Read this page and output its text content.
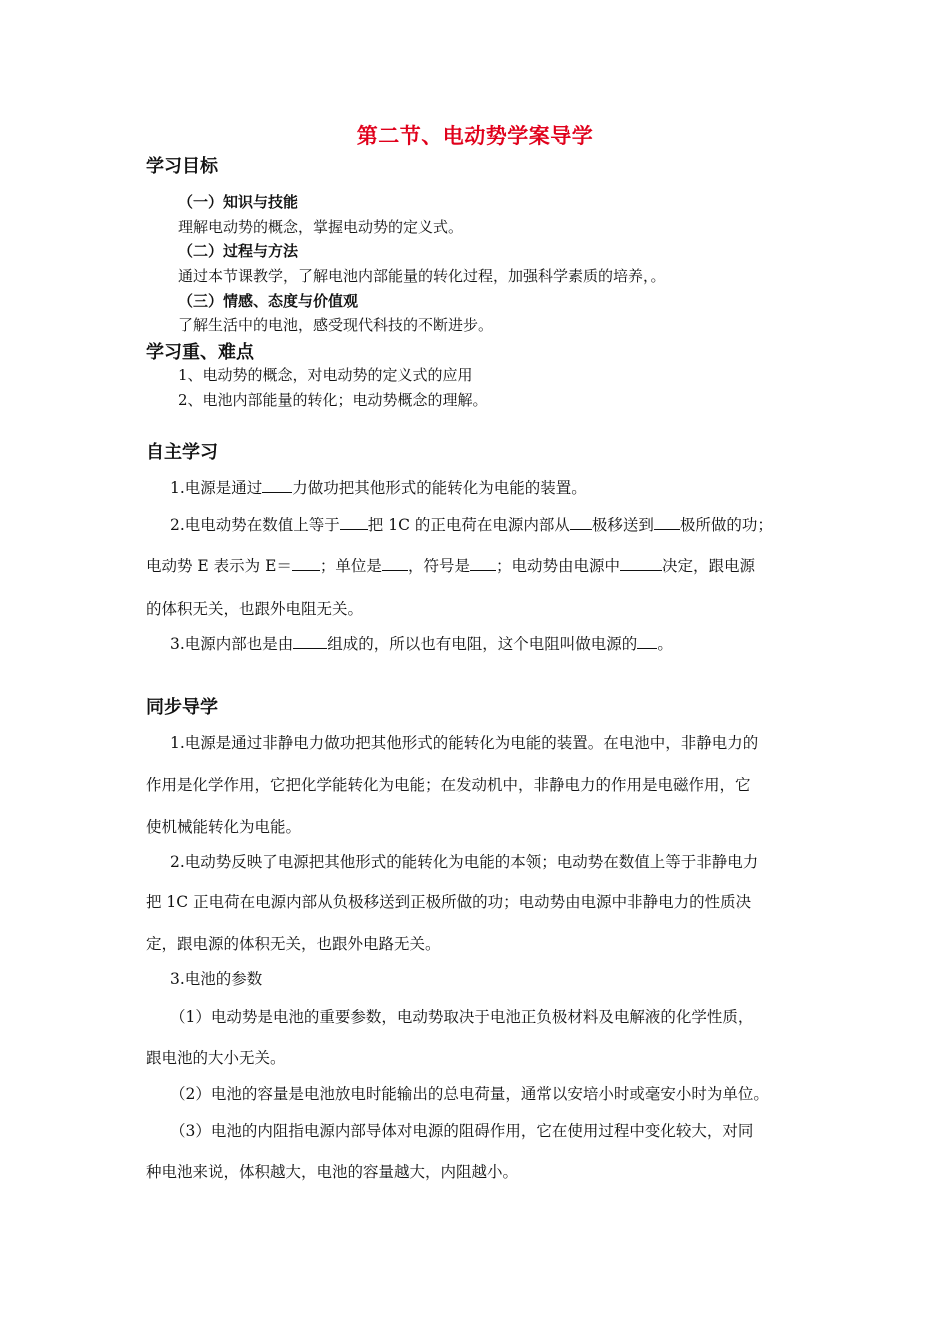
第二节、电动势学案导学
学习目标
（一）知识与技能
理解电动势的概念，掌握电动势的定义式。
（二）过程与方法
通过本节课教学，了解电池内部能量的转化过程，加强科学素质的培养，。
（三）情感、态度与价值观
了解生活中的电池，感受现代科技的不断进步。
学习重、难点
1、电动势的概念，对电动势的定义式的应用
2、电池内部能量的转化；电动势概念的理解。
自主学习
1.电源是通过 力做功把其他形式的能转化为电能的装置。
2.电电动势在数值上等于 把 1C 的正电荷在电源内部从 极移送到 极所做的功；
电动势 E 表示为 E＝ ；单位是 ，符号是 ；电动势由电源中	决定，跟电源
的体积无关，也跟外电阻无关。
3.电源内部也是由 组成的，所以也有电阻，这个电阻叫做电源的 。
同步导学
1.电源是通过非静电力做功把其他形式的能转化为电能的装置。在电池中，非静电力的
作用是化学作用，它把化学能转化为电能；在发动机中，非静电力的作用是电磁作用，它
使机械能转化为电能。
2.电动势反映了电源把其他形式的能转化为电能的本领；电动势在数值上等于非静电力
把 1C 正电荷在电源内部从负极移送到正极所做的功；电动势由电源中非静电力的性质决
定，跟电源的体积无关，也跟外电路无关。
3.电池的参数
（1）电动势是电池的重要参数，电动势取决于电池正负极材料及电解液的化学性质，
跟电池的大小无关。
（2）电池的容量是电池放电时能输出的总电荷量，通常以安培小时或毫安小时为单位。
（3）电池的内阻指电源内部导体对电源的阻碍作用，它在使用过程中变化较大，对同
种电池来说，体积越大，电池的容量越大，内阻越小。
